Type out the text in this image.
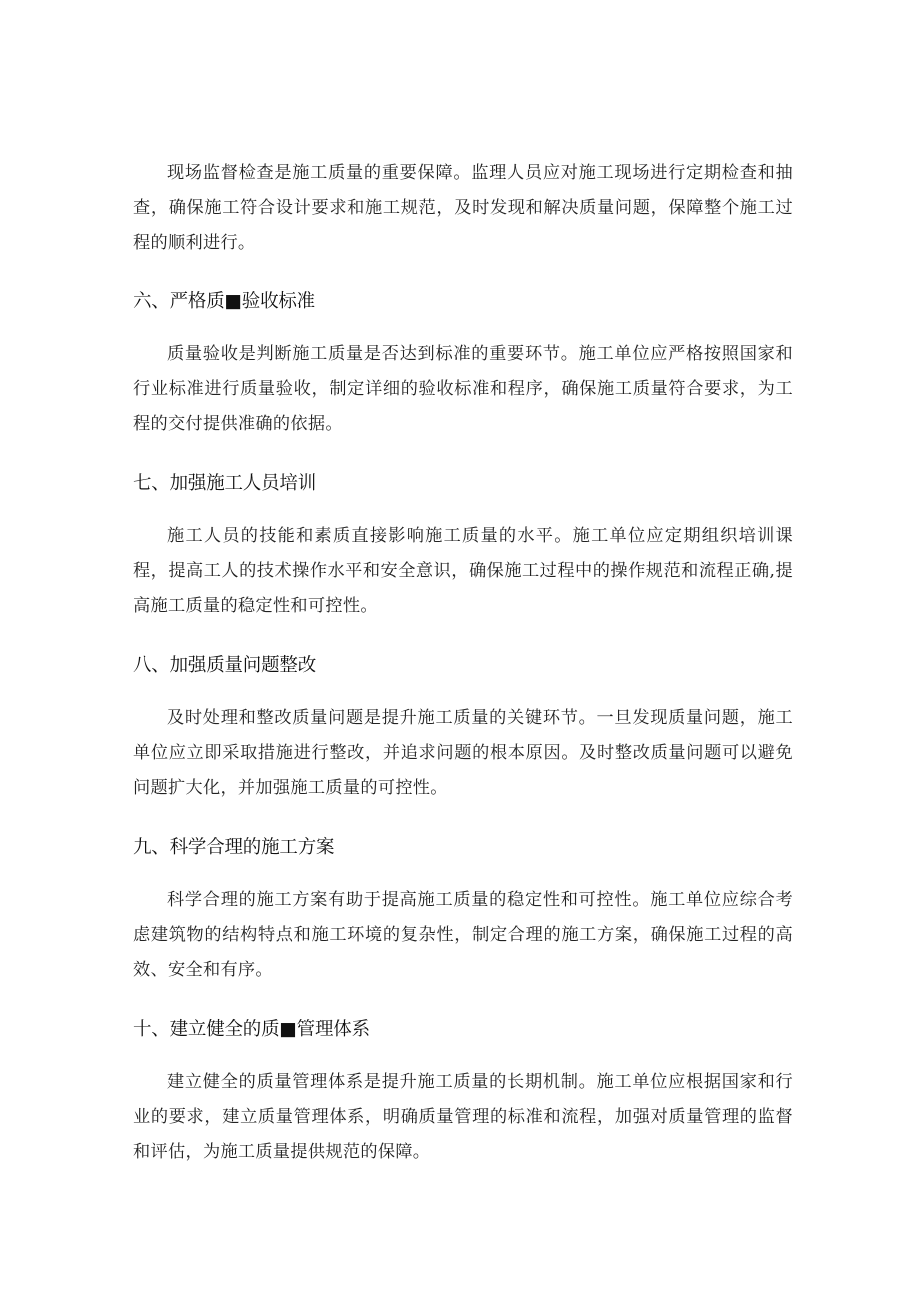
现场监督检查是施工质量的重要保障。监理人员应对施工现场进行定期检查和抽查，确保施工符合设计要求和施工规范，及时发现和解决质量问题，保障整个施工过程的顺利进行。

六、严格质■验收标准

质量验收是判断施工质量是否达到标准的重要环节。施工单位应严格按照国家和行业标准进行质量验收，制定详细的验收标准和程序，确保施工质量符合要求，为工程的交付提供准确的依据。

七、加强施工人员培训

施工人员的技能和素质直接影响施工质量的水平。施工单位应定期组织培训课程，提高工人的技术操作水平和安全意识，确保施工过程中的操作规范和流程正确,提高施工质量的稳定性和可控性。

八、加强质量问题整改

及时处理和整改质量问题是提升施工质量的关键环节。一旦发现质量问题，施工单位应立即采取措施进行整改，并追求问题的根本原因。及时整改质量问题可以避免问题扩大化，并加强施工质量的可控性。

九、科学合理的施工方案

科学合理的施工方案有助于提高施工质量的稳定性和可控性。施工单位应综合考虑建筑物的结构特点和施工环境的复杂性，制定合理的施工方案，确保施工过程的高效、安全和有序。

十、建立健全的质■管理体系

建立健全的质量管理体系是提升施工质量的长期机制。施工单位应根据国家和行业的要求，建立质量管理体系，明确质量管理的标准和流程，加强对质量管理的监督和评估，为施工质量提供规范的保障。
